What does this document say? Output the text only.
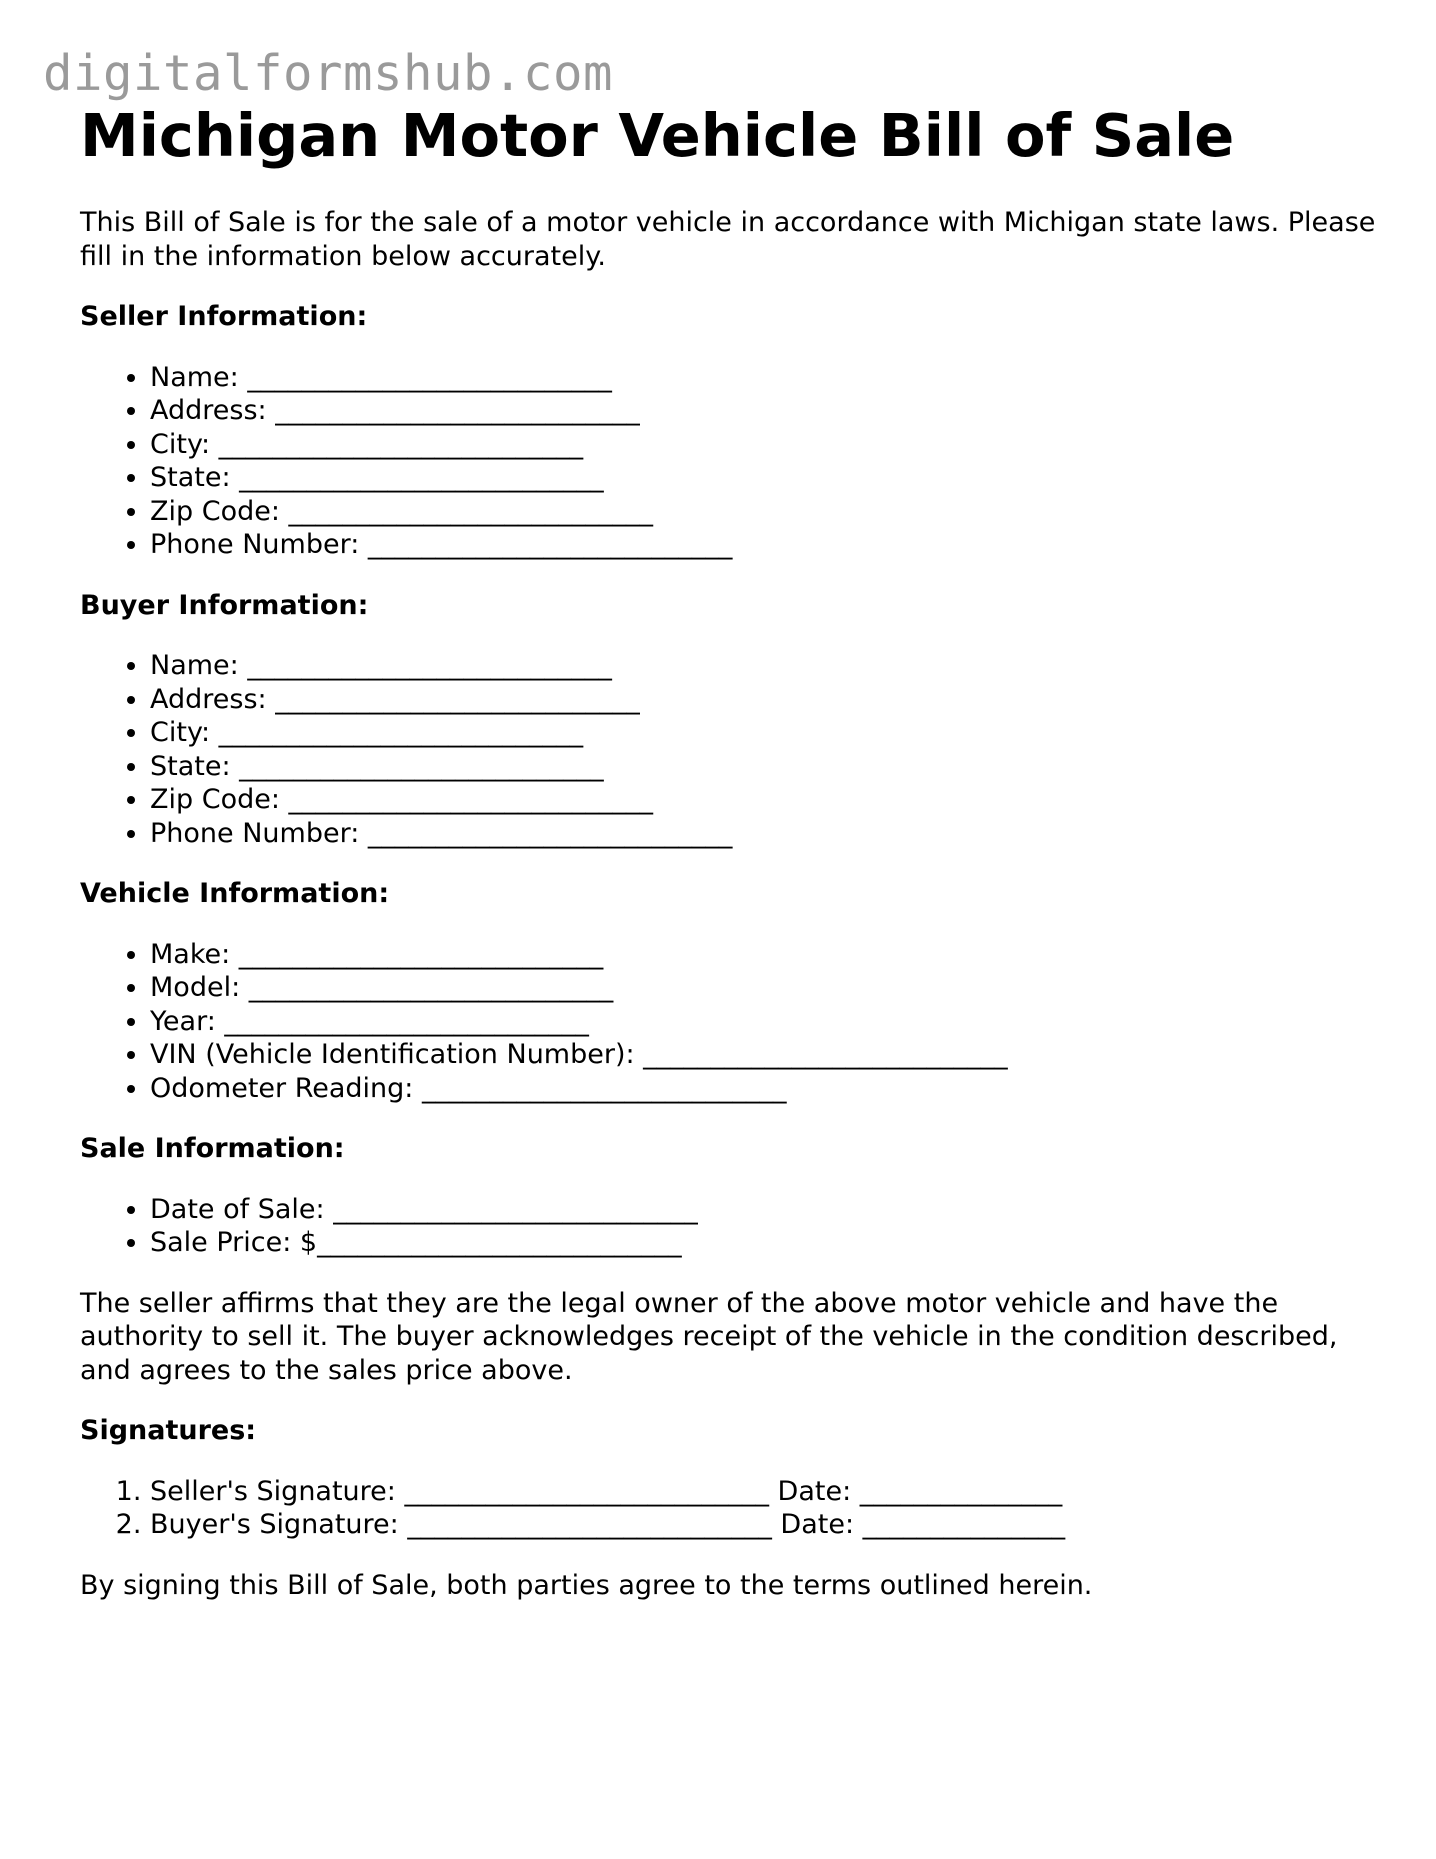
digitalformshub.com
Michigan Motor Vehicle Bill of Sale

This Bill of Sale is for the sale of a motor vehicle in accordance with Michigan state laws. Please fill in the information below accurately.

Seller Information:
• Name: ___________________________
• Address: ___________________________
• City: ___________________________
• State: ___________________________
• Zip Code: ___________________________
• Phone Number: ___________________________
Buyer Information:
• Name: ___________________________
• Address: ___________________________
• City: ___________________________
• State: ___________________________
• Zip Code: ___________________________
• Phone Number: ___________________________
Vehicle Information:
• Make: ___________________________
• Model: ___________________________
• Year: ___________________________
• VIN (Vehicle Identification Number): ___________________________
• Odometer Reading: ___________________________
Sale Information:
• Date of Sale: ___________________________
• Sale Price: $___________________________

The seller affirms that they are the legal owner of the above motor vehicle and have the authority to sell it. The buyer acknowledges receipt of the vehicle in the condition described, and agrees to the sales price above.

Signatures:
1. Seller's Signature: ___________________________ Date: _______________
2. Buyer's Signature: ___________________________ Date: _______________

By signing this Bill of Sale, both parties agree to the terms outlined herein.
